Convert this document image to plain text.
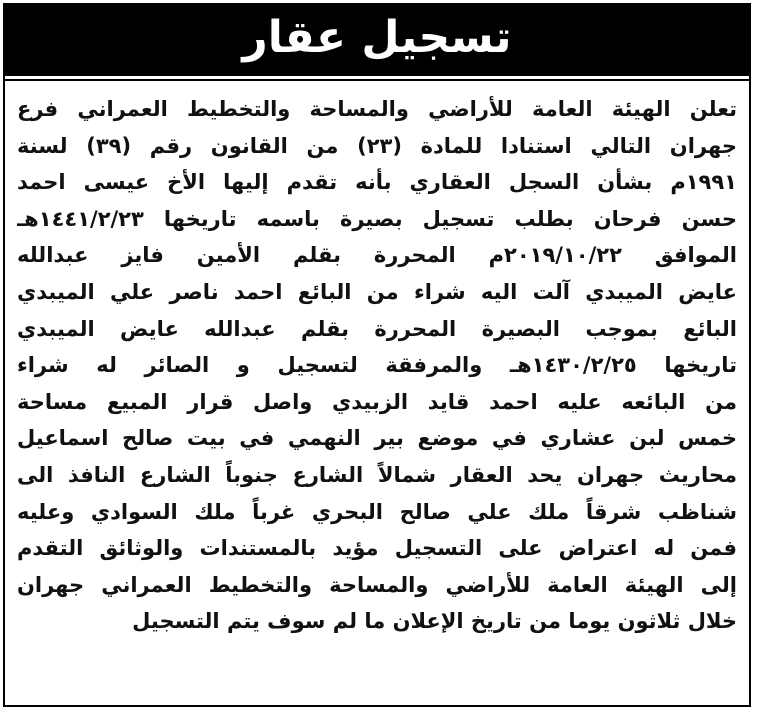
تسجيل عقار
تعلن الهيئة العامة للأراضي والمساحة والتخطيط العمراني فرع
جهران التالي استنادا للمادة (٢٣) من القانون رقم (٣٩) لسنة
١٩٩١م بشأن السجل العقاري بأنه تقدم إليها الأخ عيسى احمد
حسن فرحان بطلب تسجيل بصيرة باسمه تاريخها ١٤٤١/٢/٢٣هـ
الموافق ٢٠١٩/١٠/٢٢م المحررة بقلم الأمين فايز عبدالله
عايض الميبدي آلت اليه شراء من البائع احمد ناصر علي الميبدي
البائع بموجب البصيرة المحررة بقلم عبدالله عايض الميبدي
تاريخها ١٤٣٠/٢/٢٥هـ والمرفقة لتسجيل و الصائر له شراء
من البائعه عليه احمد قايد الزبيدي واصل قرار المبيع مساحة
خمس لبن عشاري في موضع بير النهمي في بيت صالح اسماعيل
محاريث جهران يحد العقار شمالاً الشارع جنوباً الشارع النافذ الى
شناظب شرقاً ملك علي صالح البحري غرباً ملك السوادي وعليه
فمن له اعتراض على التسجيل مؤيد بالمستندات والوثائق التقدم
إلى الهيئة العامة للأراضي والمساحة والتخطيط العمراني جهران
خلال ثلاثون يوما من تاريخ الإعلان ما لم سوف يتم التسجيل
